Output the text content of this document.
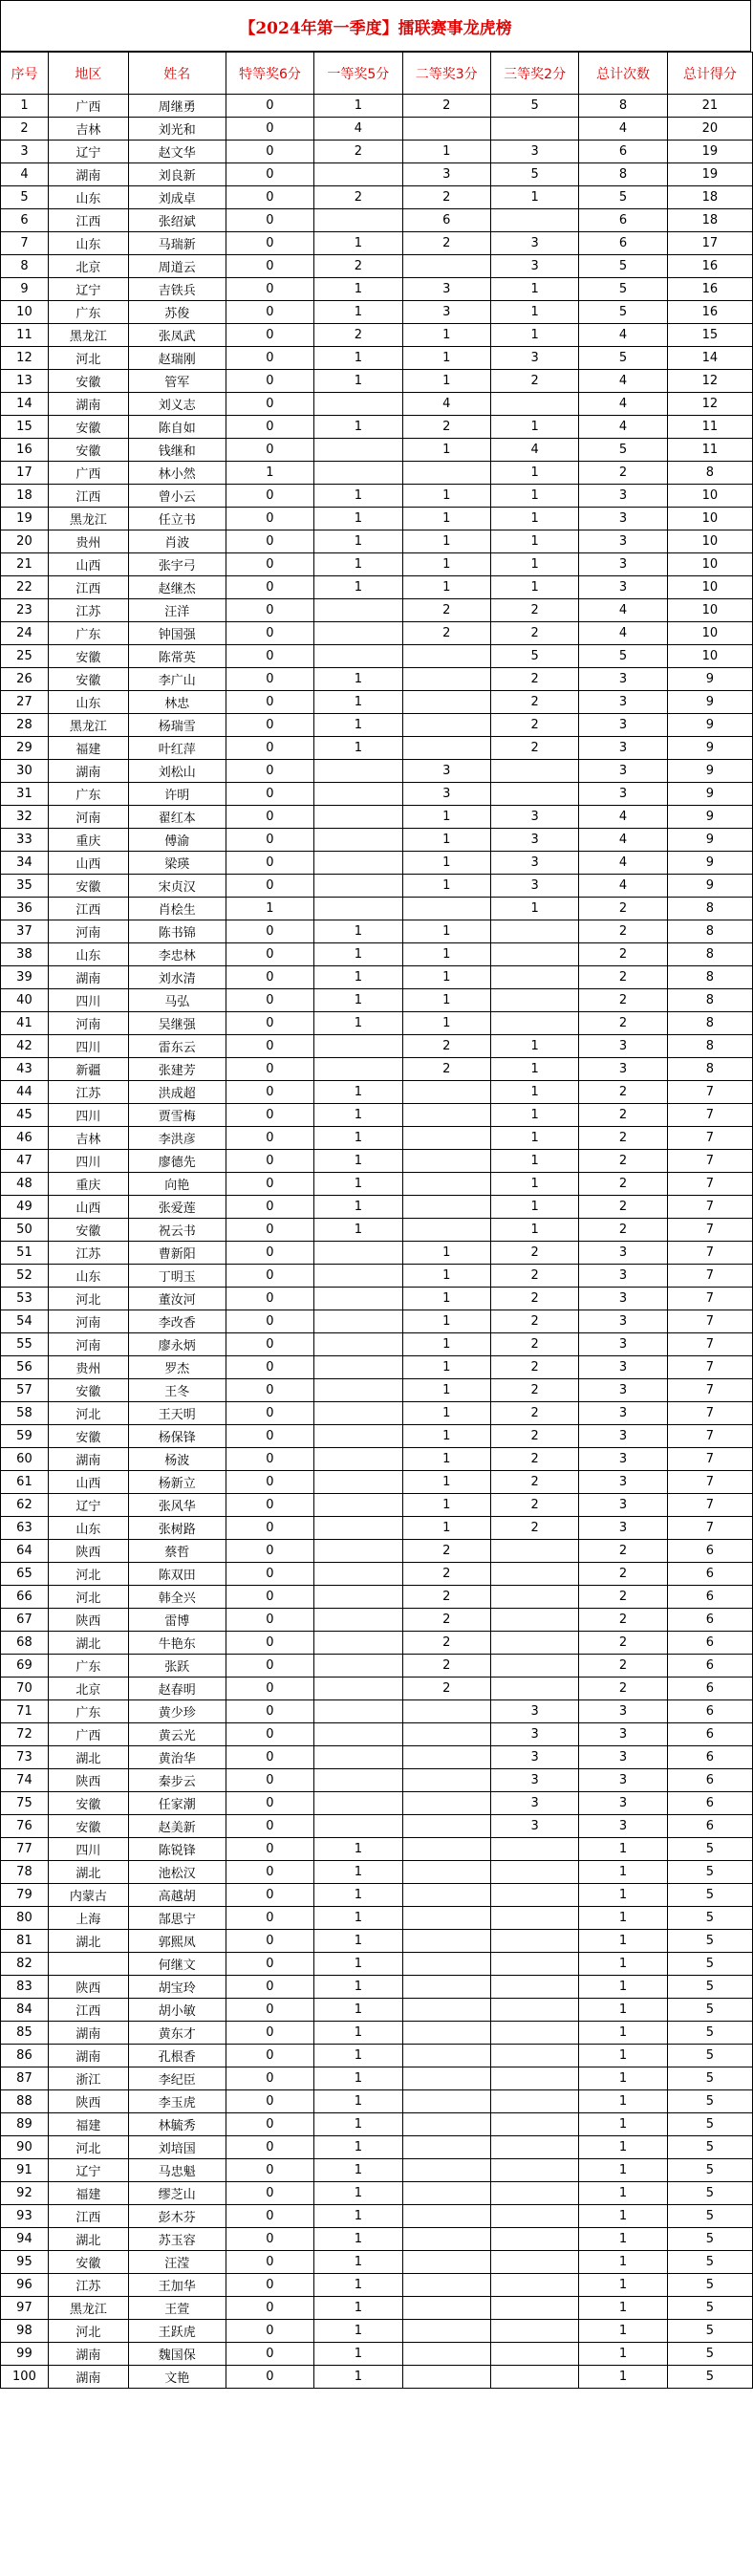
【2024年第一季度】擂联赛事龙虎榜
序号	地区	姓名	特等奖6分	一等奖5分	二等奖3分	三等奖2分	总计次数	总计得分
1	广西	周继勇	0	1	2	5	8	21
2	吉林	刘光和	0	4			4	20
3	辽宁	赵文华	0	2	1	3	6	19
4	湖南	刘良新	0		3	5	8	19
5	山东	刘成卓	0	2	2	1	5	18
6	江西	张绍斌	0		6		6	18
7	山东	马瑞新	0	1	2	3	6	17
8	北京	周道云	0	2		3	5	16
9	辽宁	吉铁兵	0	1	3	1	5	16
10	广东	苏俊	0	1	3	1	5	16
11	黑龙江	张凤武	0	2	1	1	4	15
12	河北	赵瑞刚	0	1	1	3	5	14
13	安徽	管军	0	1	1	2	4	12
14	湖南	刘义志	0		4		4	12
15	安徽	陈自如	0	1	2	1	4	11
16	安徽	钱继和	0		1	4	5	11
17	广西	林小然	1			1	2	8
18	江西	曾小云	0	1	1	1	3	10
19	黑龙江	任立书	0	1	1	1	3	10
20	贵州	肖波	0	1	1	1	3	10
21	山西	张宇弓	0	1	1	1	3	10
22	江西	赵继杰	0	1	1	1	3	10
23	江苏	汪洋	0		2	2	4	10
24	广东	钟国强	0		2	2	4	10
25	安徽	陈常英	0			5	5	10
26	安徽	李广山	0	1		2	3	9
27	山东	林忠	0	1		2	3	9
28	黑龙江	杨瑞雪	0	1		2	3	9
29	福建	叶红萍	0	1		2	3	9
30	湖南	刘松山	0		3		3	9
31	广东	许明	0		3		3	9
32	河南	翟红本	0		1	3	4	9
33	重庆	傅渝	0		1	3	4	9
34	山西	梁瑛	0		1	3	4	9
35	安徽	宋贞汉	0		1	3	4	9
36	江西	肖桧生	1			1	2	8
37	河南	陈书锦	0	1	1		2	8
38	山东	李忠林	0	1	1		2	8
39	湖南	刘水清	0	1	1		2	8
40	四川	马弘	0	1	1		2	8
41	河南	吴继强	0	1	1		2	8
42	四川	雷东云	0		2	1	3	8
43	新疆	张建芳	0		2	1	3	8
44	江苏	洪成超	0	1		1	2	7
45	四川	贾雪梅	0	1		1	2	7
46	吉林	李洪彦	0	1		1	2	7
47	四川	廖德先	0	1		1	2	7
48	重庆	向艳	0	1		1	2	7
49	山西	张爱莲	0	1		1	2	7
50	安徽	祝云书	0	1		1	2	7
51	江苏	曹新阳	0		1	2	3	7
52	山东	丁明玉	0		1	2	3	7
53	河北	董汝河	0		1	2	3	7
54	河南	李改香	0		1	2	3	7
55	河南	廖永炳	0		1	2	3	7
56	贵州	罗杰	0		1	2	3	7
57	安徽	王冬	0		1	2	3	7
58	河北	王天明	0		1	2	3	7
59	安徽	杨保锋	0		1	2	3	7
60	湖南	杨波	0		1	2	3	7
61	山西	杨新立	0		1	2	3	7
62	辽宁	张风华	0		1	2	3	7
63	山东	张树路	0		1	2	3	7
64	陕西	蔡哲	0		2		2	6
65	河北	陈双田	0		2		2	6
66	河北	韩全兴	0		2		2	6
67	陕西	雷博	0		2		2	6
68	湖北	牛艳东	0		2		2	6
69	广东	张跃	0		2		2	6
70	北京	赵春明	0		2		2	6
71	广东	黄少珍	0			3	3	6
72	广西	黄云光	0			3	3	6
73	湖北	黄治华	0			3	3	6
74	陕西	秦步云	0			3	3	6
75	安徽	任家潮	0			3	3	6
76	安徽	赵美新	0			3	3	6
77	四川	陈锐锋	0	1			1	5
78	湖北	池松汉	0	1			1	5
79	内蒙古	高越胡	0	1			1	5
80	上海	郜思宁	0	1			1	5
81	湖北	郭熙凤	0	1			1	5
82		何继文	0	1			1	5
83	陕西	胡宝玲	0	1			1	5
84	江西	胡小敏	0	1			1	5
85	湖南	黄东才	0	1			1	5
86	湖南	孔根香	0	1			1	5
87	浙江	李纪臣	0	1			1	5
88	陕西	李玉虎	0	1			1	5
89	福建	林毓秀	0	1			1	5
90	河北	刘培国	0	1			1	5
91	辽宁	马忠魁	0	1			1	5
92	福建	缪芝山	0	1			1	5
93	江西	彭木芬	0	1			1	5
94	湖北	苏玉容	0	1			1	5
95	安徽	汪滢	0	1			1	5
96	江苏	王加华	0	1			1	5
97	黑龙江	王萱	0	1			1	5
98	河北	王跃虎	0	1			1	5
99	湖南	魏国保	0	1			1	5
100	湖南	文艳	0	1			1	5
